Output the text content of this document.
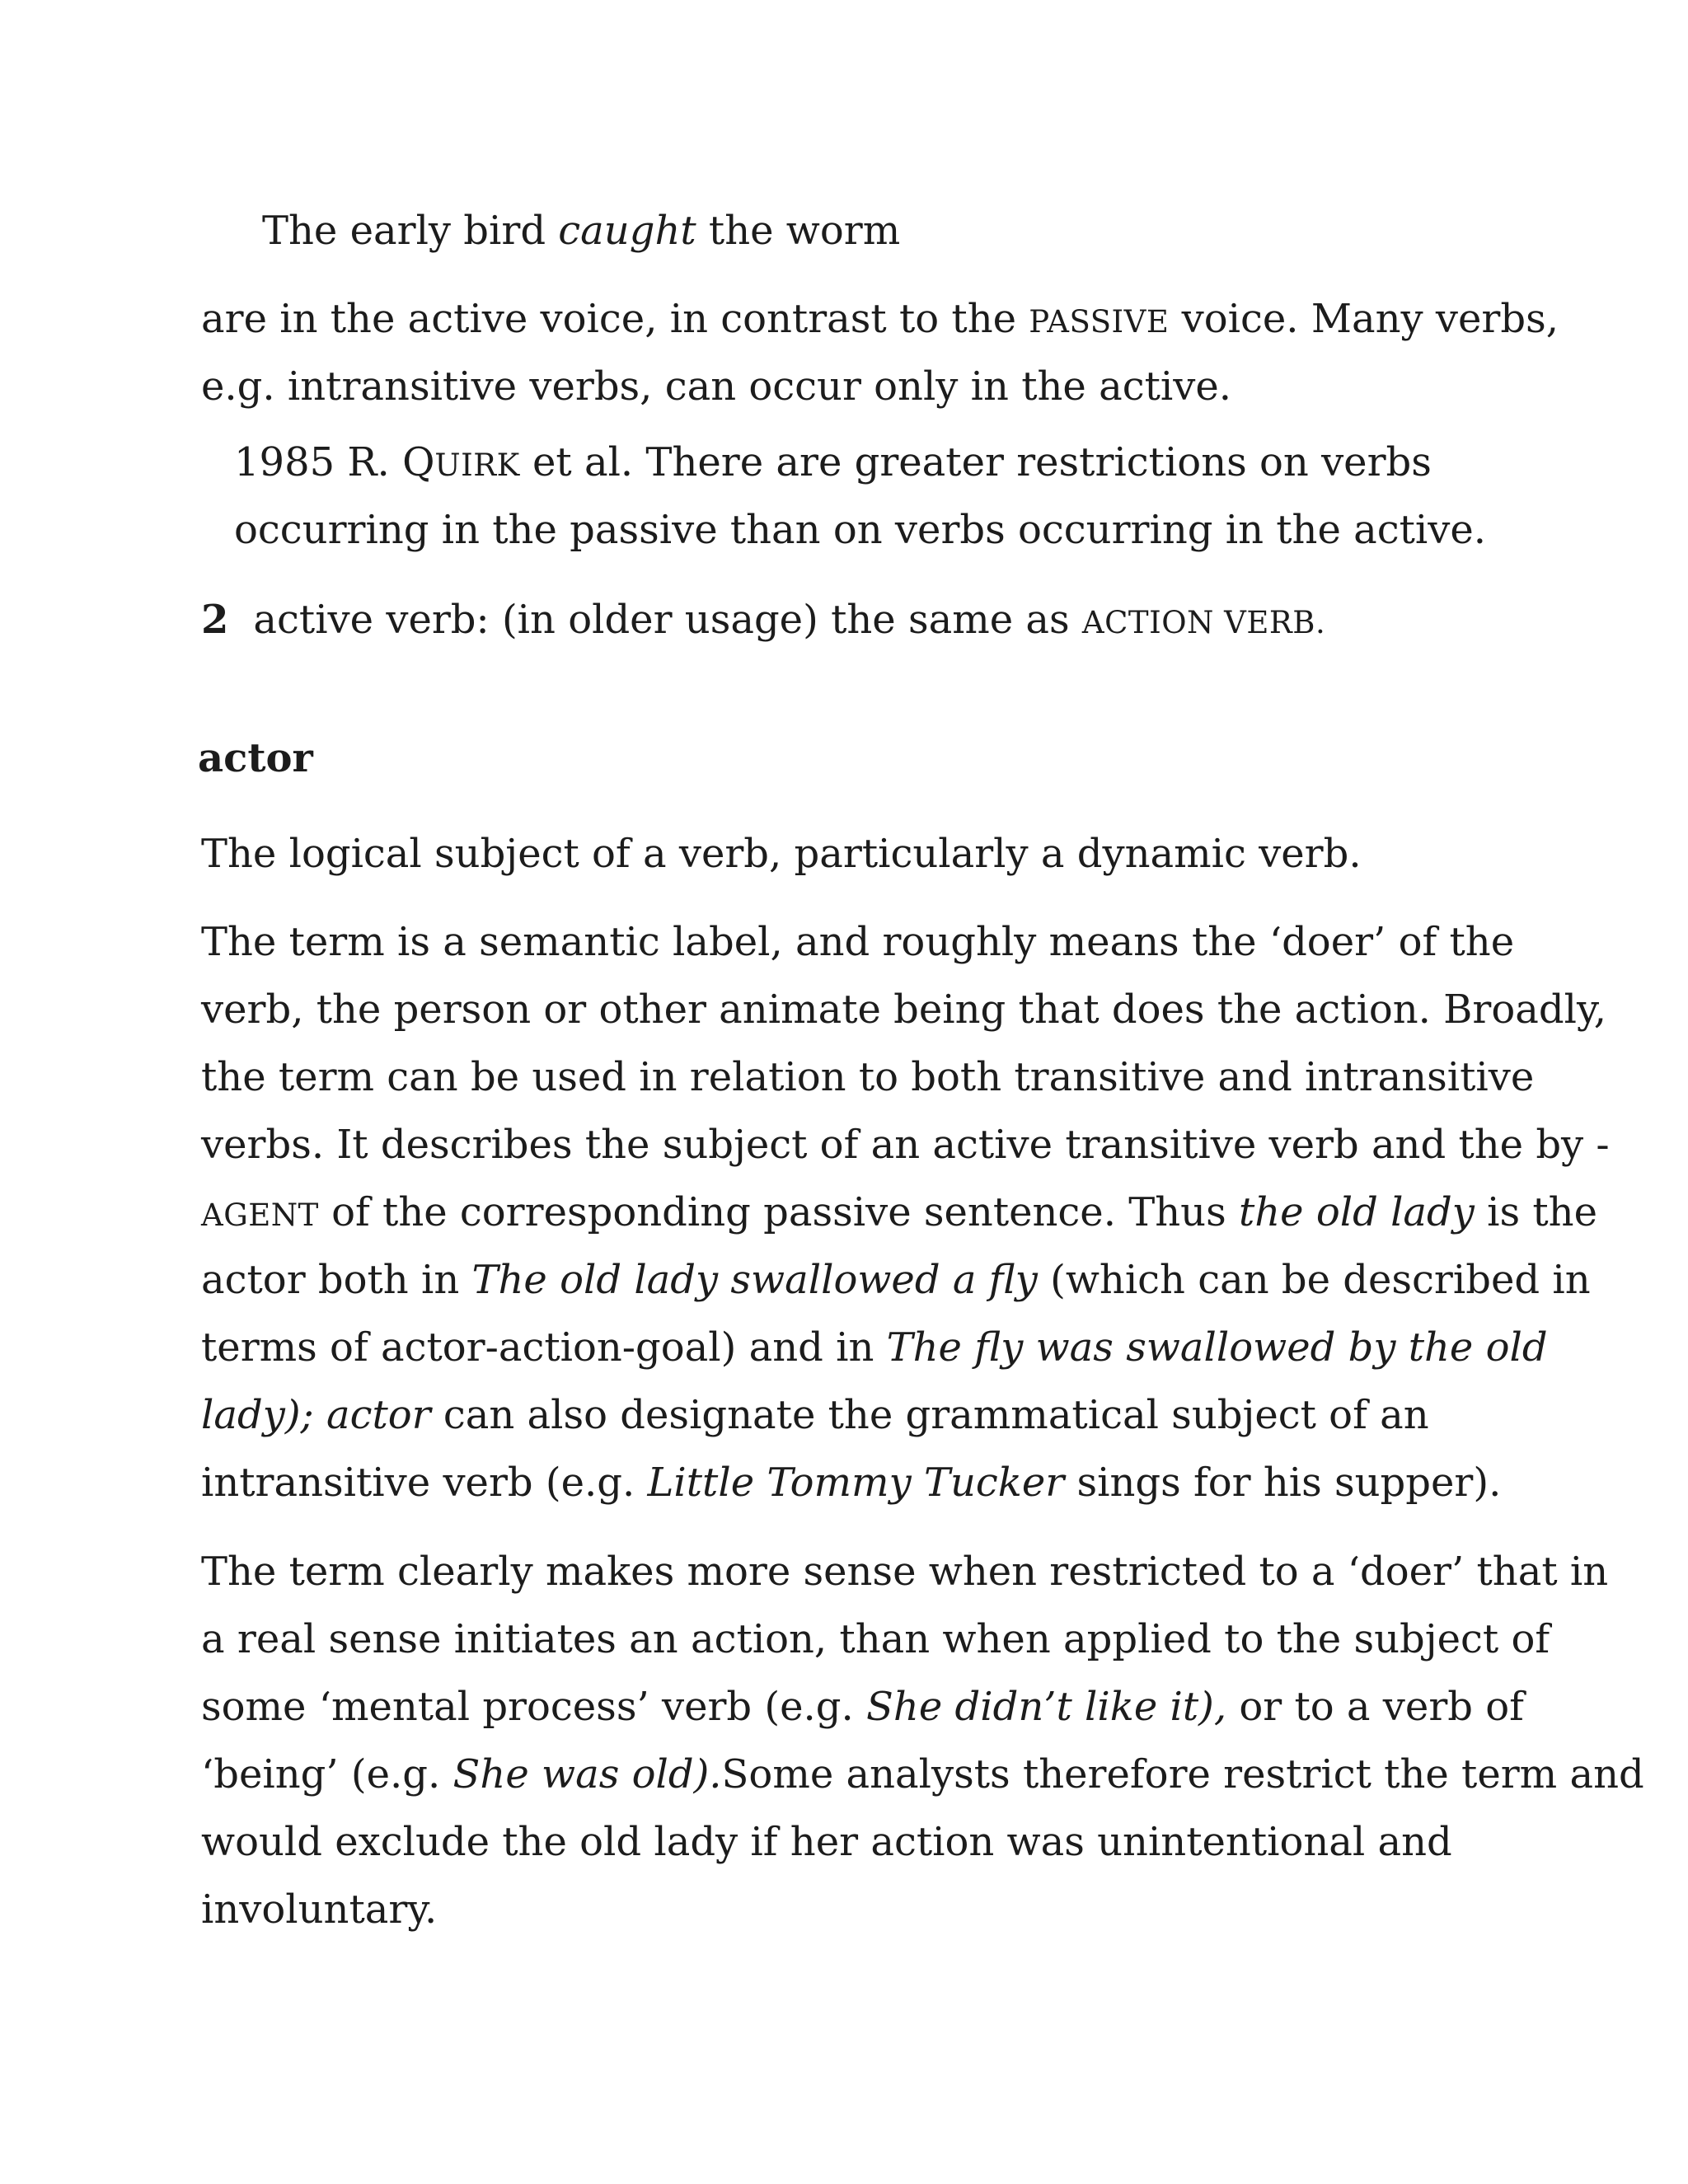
The early bird caught the worm

are in the active voice, in contrast to the PASSIVE voice. Many verbs,

e.g. intransitive verbs, can occur only in the active.

1985 R. QUIRK et al. There are greater restrictions on verbs

occurring in the passive than on verbs occurring in the active.

2 active verb: (in older usage) the same as ACTION VERB.

actor

The logical subject of a verb, particularly a dynamic verb.

The term is a semantic label, and roughly means the ‘doer’ of the

verb, the person or other animate being that does the action. Broadly,

the term can be used in relation to both transitive and intransitive

verbs. It describes the subject of an active transitive verb and the by -

AGENT of the corresponding passive sentence. Thus the old lady is the

actor both in The old lady swallowed a fly (which can be described in

terms of actor-action-goal) and in The fly was swallowed by the old

lady); actor can also designate the grammatical subject of an

intransitive verb (e.g. Little Tommy Tucker sings for his supper).

The term clearly makes more sense when restricted to a ‘doer’ that in

a real sense initiates an action, than when applied to the subject of

some ‘mental process’ verb (e.g. She didn’t like it), or to a verb of

‘being’ (e.g. She was old).Some analysts therefore restrict the term and

would exclude the old lady if her action was unintentional and

involuntary.
